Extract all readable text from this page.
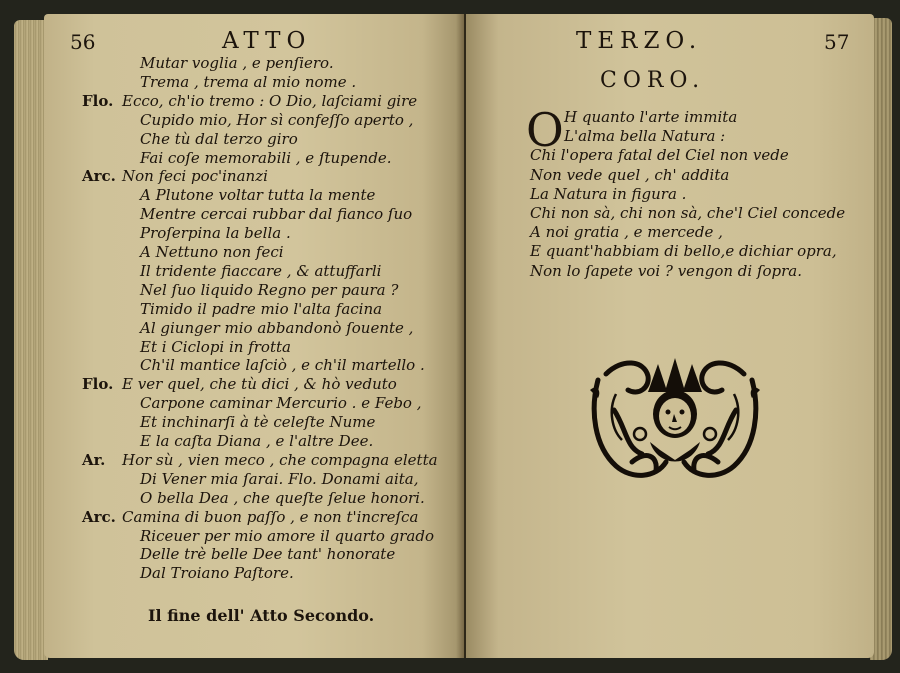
56	ATTO
Mutar voglia , e penſiero.
Trema , trema al mio nome .
Flo. Ecco, ch'io tremo : O Dio, laſciami gire
Cupido mio, Hor sì confeſſo aperto ,
Che tù dal terzo giro
Fai coſe memorabili , e ſtupende.
Arc. Non feci poc'inanzi
A Plutone voltar tutta la mente
Mentre cercai rubbar dal fianco ſuo
Proſerpina la bella .
A Nettuno non feci
Il tridente fiaccare , & attuffarli
Nel ſuo liquido Regno per paura ?
Timido il padre mio l'alta facina
Al giunger mio abbandonò ſouente ,
Et i Ciclopi in frotta
Ch'il mantice laſciò , e ch'il martello .
Flo. E ver quel, che tù dici , & hò veduto
Carpone caminar Mercurio . e Febo ,
Et inchinarſi à tè celeſte Nume
E la caſta Diana , e l'altre Dee.
Ar. Hor sù , vien meco , che compagna eletta
Di Vener mia ſarai. Flo. Donami aita,
O bella Dea , che queſte ſelue honori.
Arc. Camina di buon paſſo , e non t'increſca
Riceuer per mio amore il quarto grado
Delle trè belle Dee tant' honorate
Dal Troiano Paſtore.
Il fine dell' Atto Secondo.
TERZO.	57
CORO.
O H quanto l'arte immita
L'alma bella Natura :
Chi l'opera fatal del Ciel non vede
Non vede quel , ch' addita
La Natura in figura .
Chi non sà, chi non sà, che'l Ciel concede
A noi gratia , e mercede ,
E quant'habbiam di bello,e dichiar opra,
Non lo ſapete voi ? vengon di ſopra.
